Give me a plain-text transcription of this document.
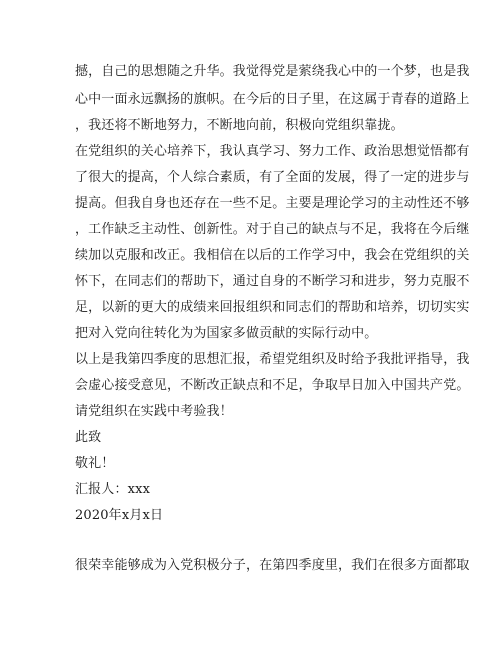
撼，自己的思想随之升华。我觉得党是萦绕我心中的一个梦，也是我
心中一面永远飘扬的旗帜。在今后的日子里，在这属于青春的道路上
，我还将不断地努力，不断地向前，积极向党组织靠拢。
在党组织的关心培养下，我认真学习、努力工作、政治思想觉悟都有
了很大的提高，个人综合素质，有了全面的发展，得了一定的进步与
提高。但我自身也还存在一些不足。主要是理论学习的主动性还不够
，工作缺乏主动性、创新性。对于自己的缺点与不足，我将在今后继
续加以克服和改正。我相信在以后的工作学习中，我会在党组织的关
怀下，在同志们的帮助下，通过自身的不断学习和进步，努力克服不
足，以新的更大的成绩来回报组织和同志们的帮助和培养，切切实实
把对入党向往转化为为国家多做贡献的实际行动中。
以上是我第四季度的思想汇报，希望党组织及时给予我批评指导，我
会虚心接受意见，不断改正缺点和不足，争取早日加入中国共产党。
请党组织在实践中考验我！
此致
敬礼！
汇报人：xxx
2020年x月x日
很荣幸能够成为入党积极分子，在第四季度里，我们在很多方面都取
